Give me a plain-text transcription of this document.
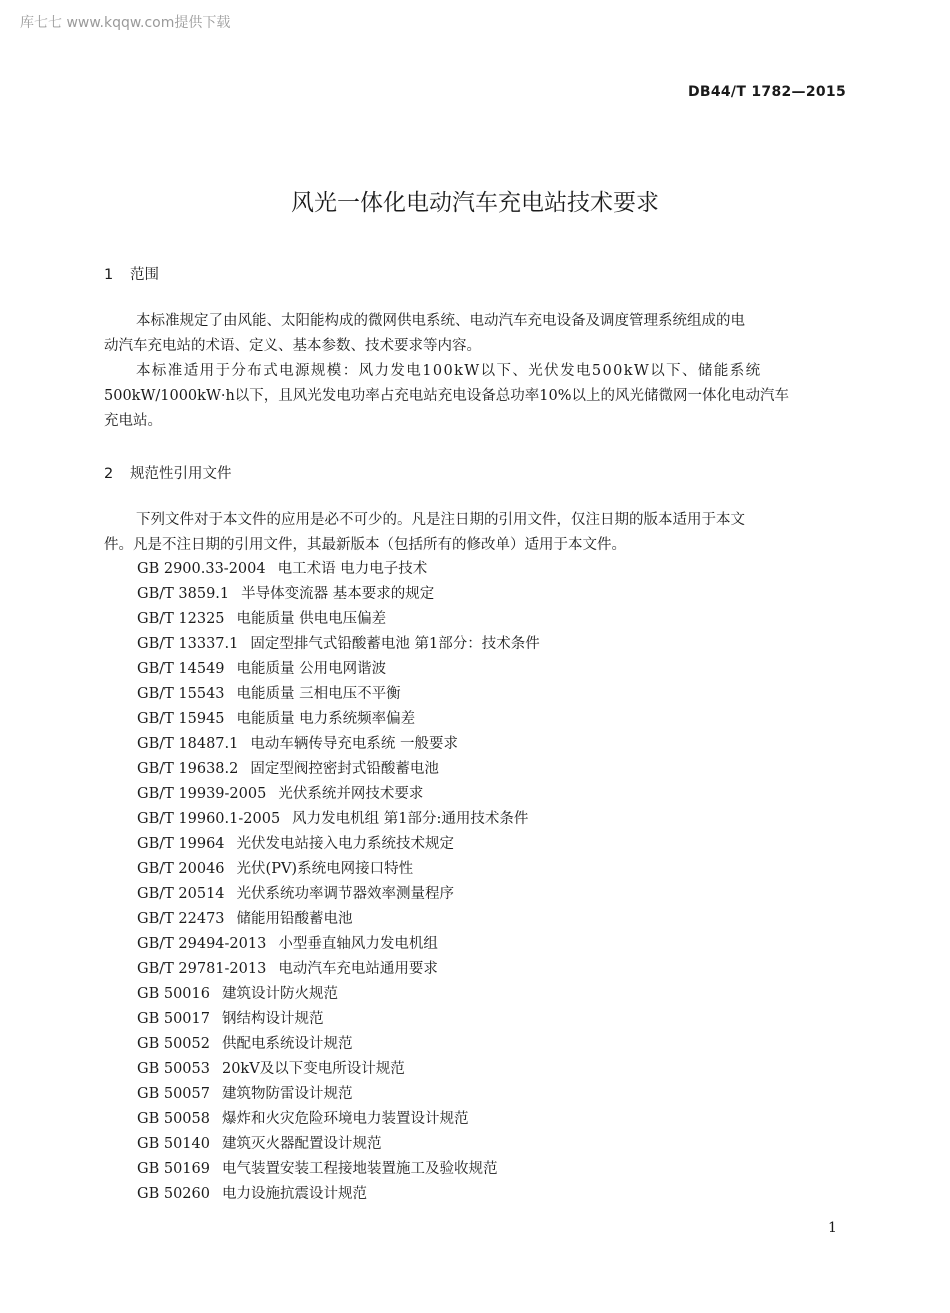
库七七 www.kqqw.com提供下载
DB44/T 1782—2015
风光一体化电动汽车充电站技术要求
1 范围
本标准规定了由风能、太阳能构成的微网供电系统、电动汽车充电设备及调度管理系统组成的电
动汽车充电站的术语、定义、基本参数、技术要求等内容。
本标准适用于分布式电源规模：风力发电100kW以下、光伏发电500kW以下、储能系统
500kW/1000kW·h以下，且风光发电功率占充电站充电设备总功率10%以上的风光储微网一体化电动汽车
充电站。
2 规范性引用文件
下列文件对于本文件的应用是必不可少的。凡是注日期的引用文件，仅注日期的版本适用于本文
件。凡是不注日期的引用文件，其最新版本（包括所有的修改单）适用于本文件。
GB 2900.33-2004 电工术语 电力电子技术
GB/T 3859.1 半导体变流器 基本要求的规定
GB/T 12325 电能质量 供电电压偏差
GB/T 13337.1 固定型排气式铅酸蓄电池 第1部分：技术条件
GB/T 14549 电能质量 公用电网谐波
GB/T 15543 电能质量 三相电压不平衡
GB/T 15945 电能质量 电力系统频率偏差
GB/T 18487.1 电动车辆传导充电系统 一般要求
GB/T 19638.2 固定型阀控密封式铅酸蓄电池
GB/T 19939-2005 光伏系统并网技术要求
GB/T 19960.1-2005 风力发电机组 第1部分:通用技术条件
GB/T 19964 光伏发电站接入电力系统技术规定
GB/T 20046 光伏(PV)系统电网接口特性
GB/T 20514 光伏系统功率调节器效率测量程序
GB/T 22473 储能用铅酸蓄电池
GB/T 29494-2013 小型垂直轴风力发电机组
GB/T 29781-2013 电动汽车充电站通用要求
GB 50016 建筑设计防火规范
GB 50017 钢结构设计规范
GB 50052 供配电系统设计规范
GB 50053 20kV及以下变电所设计规范
GB 50057 建筑物防雷设计规范
GB 50058 爆炸和火灾危险环境电力装置设计规范
GB 50140 建筑灭火器配置设计规范
GB 50169 电气装置安装工程接地装置施工及验收规范
GB 50260 电力设施抗震设计规范
1
